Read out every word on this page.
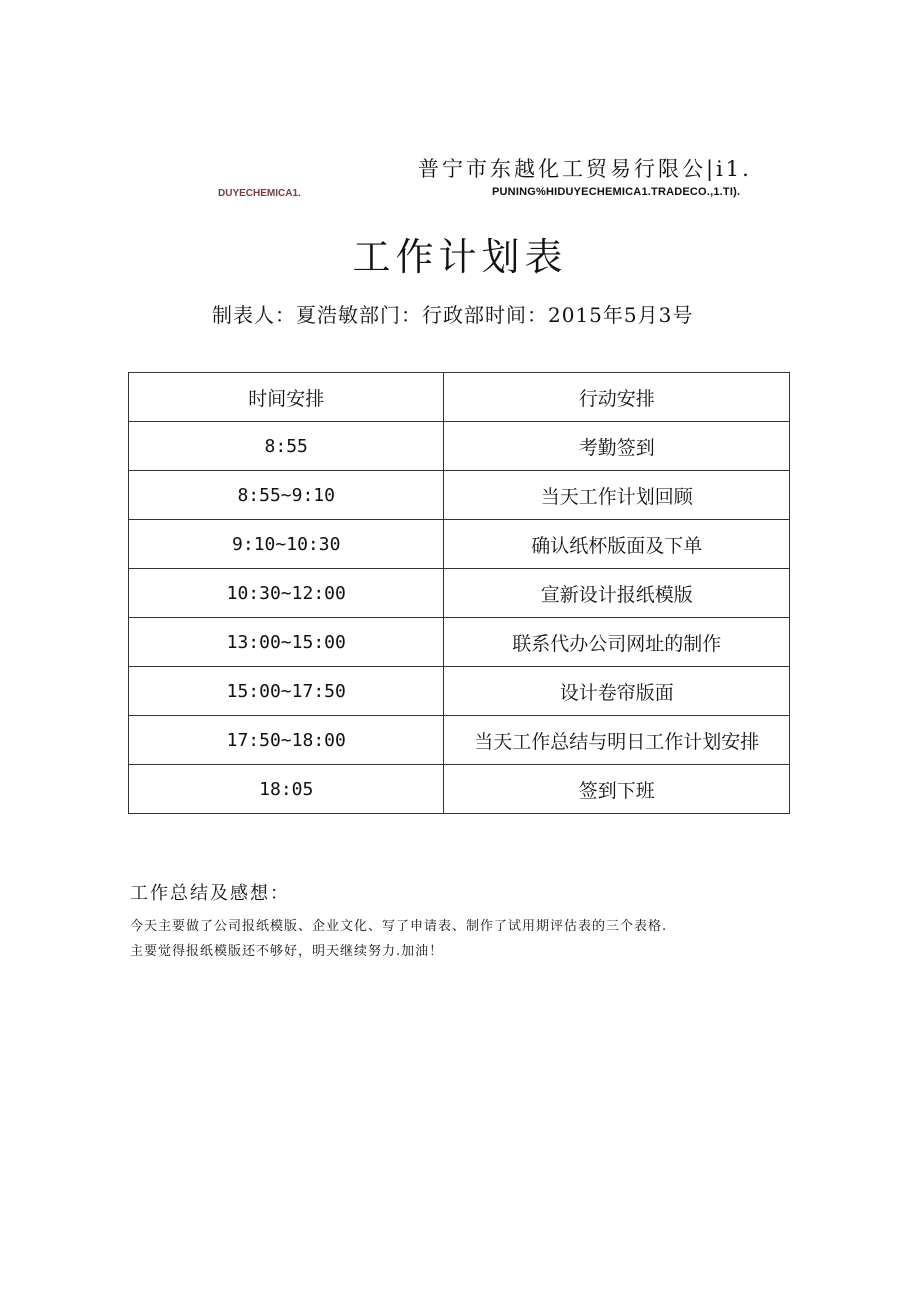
普宁市东越化工贸易行限公|i1.
DUYECHEMICA1.	PUNING%HIDUYECHEMICA1.TRADECO.,1.TI).
工作计划表
制表人：夏浩敏部门：行政部时间：2015年5月3号
时间安排	行动安排
8:55	考勤签到
8:55~9:10	当天工作计划回顾
9:10~10:30	确认纸杯版面及下单
10:30~12:00	宣新设计报纸模版
13:00~15:00	联系代办公司网址的制作
15:00~17:50	设计卷帘版面
17:50~18:00	当天工作总结与明日工作计划安排
18:05	签到下班
工作总结及感想：
今天主要做了公司报纸模版、企业文化、写了申请表、制作了试用期评估表的三个表格.
主要觉得报纸模版还不够好，明天继续努力.加油！
